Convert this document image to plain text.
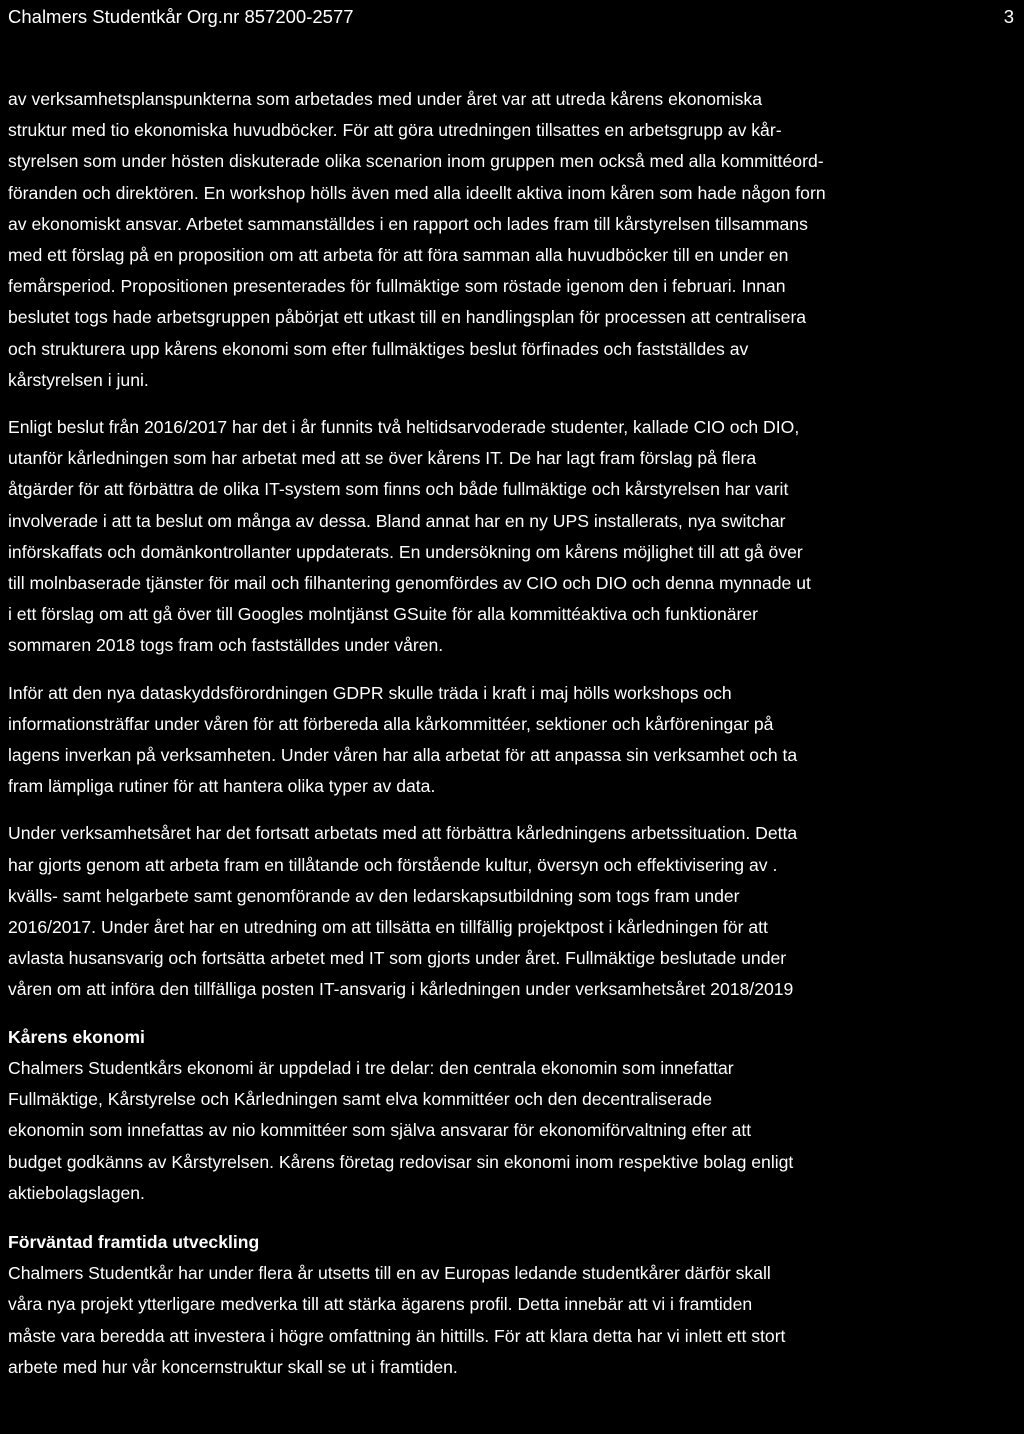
Chalmers Studentkår Org.nr 857200-2577	3

av verksamhetsplanspunkterna som arbetades med under året var att utreda kårens ekonomiska
struktur med tio ekonomiska huvudböcker. För att göra utredningen tillsattes en arbetsgrupp av kår-
styrelsen som under hösten diskuterade olika scenarion inom gruppen men också med alla kommittéord-
föranden och direktören. En workshop hölls även med alla ideellt aktiva inom kåren som hade någon forn
av ekonomiskt ansvar. Arbetet sammanställdes i en rapport och lades fram till kårstyrelsen tillsammans
med ett förslag på en proposition om att arbeta för att föra samman alla huvudböcker till en under en
femårsperiod. Propositionen presenterades för fullmäktige som röstade igenom den i februari. Innan
beslutet togs hade arbetsgruppen påbörjat ett utkast till en handlingsplan för processen att centralisera
och strukturera upp kårens ekonomi som efter fullmäktiges beslut förfinades och fastställdes av
kårstyrelsen i juni.

Enligt beslut från 2016/2017 har det i år funnits två heltidsarvoderade studenter, kallade CIO och DIO,
utanför kårledningen som har arbetat med att se över kårens IT. De har lagt fram förslag på flera
åtgärder för att förbättra de olika IT-system som finns och både fullmäktige och kårstyrelsen har varit
involverade i att ta beslut om många av dessa. Bland annat har en ny UPS installerats, nya switchar
införskaffats och domänkontrollanter uppdaterats. En undersökning om kårens möjlighet till att gå över
till molnbaserade tjänster för mail och filhantering genomfördes av CIO och DIO och denna mynnade ut
i ett förslag om att gå över till Googles molntjänst GSuite för alla kommittéaktiva och funktionärer
sommaren 2018 togs fram och fastställdes under våren.

Inför att den nya dataskyddsförordningen GDPR skulle träda i kraft i maj hölls workshops och
informationsträffar under våren för att förbereda alla kårkommittéer, sektioner och kårföreningar på
lagens inverkan på verksamheten. Under våren har alla arbetat för att anpassa sin verksamhet och ta
fram lämpliga rutiner för att hantera olika typer av data.

Under verksamhetsåret har det fortsatt arbetats med att förbättra kårledningens arbetssituation. Detta
har gjorts genom att arbeta fram en tillåtande och förstående kultur, översyn och effektivisering av .
kvälls- samt helgarbete samt genomförande av den ledarskapsutbildning som togs fram under
2016/2017. Under året har en utredning om att tillsätta en tillfällig projektpost i kårledningen för att
avlasta husansvarig och fortsätta arbetet med IT som gjorts under året. Fullmäktige beslutade under
våren om att införa den tillfälliga posten IT-ansvarig i kårledningen under verksamhetsåret 2018/2019

Kårens ekonomi
Chalmers Studentkårs ekonomi är uppdelad i tre delar: den centrala ekonomin som innefattar
Fullmäktige, Kårstyrelse och Kårledningen samt elva kommittéer och den decentraliserade
ekonomin som innefattas av nio kommittéer som själva ansvarar för ekonomiförvaltning efter att
budget godkänns av Kårstyrelsen. Kårens företag redovisar sin ekonomi inom respektive bolag enligt
aktiebolagslagen.
Förväntad framtida utveckling
Chalmers Studentkår har under flera år utsetts till en av Europas ledande studentkårer därför skall
våra nya projekt ytterligare medverka till att stärka ägarens profil. Detta innebär att vi i framtiden
måste vara beredda att investera i högre omfattning än hittills. För att klara detta har vi inlett ett stort
arbete med hur vår koncernstruktur skall se ut i framtiden.
